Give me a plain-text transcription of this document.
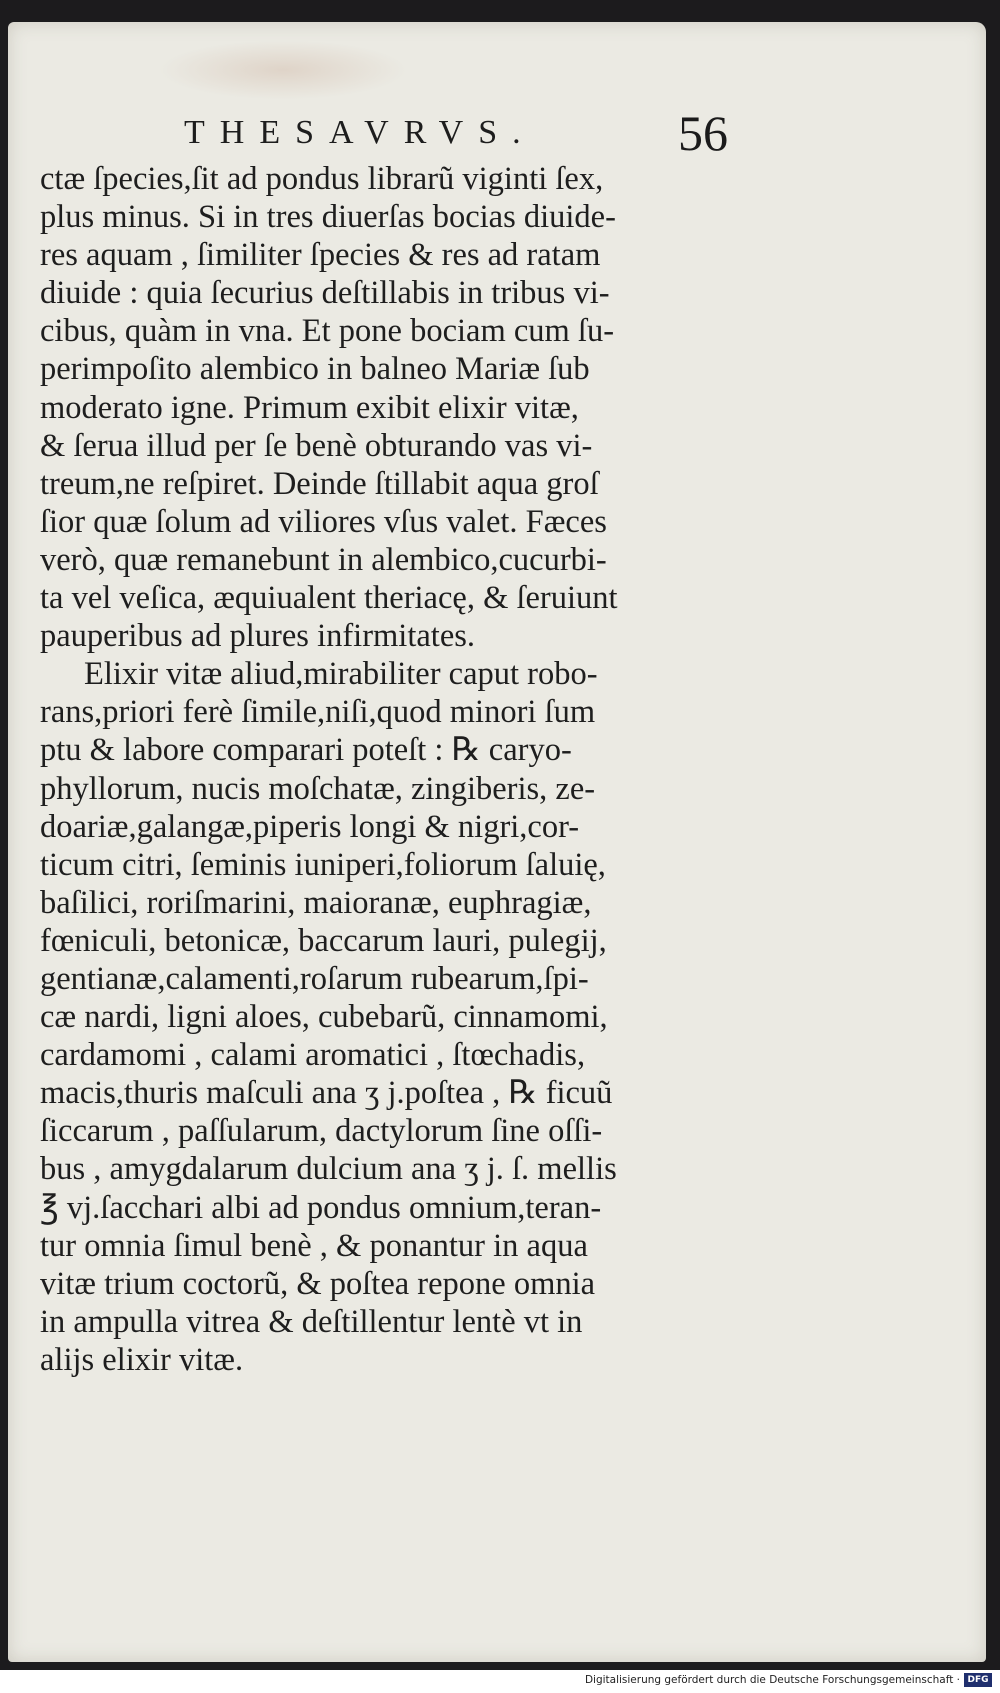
THESAVRVS.	56
ctæ ſpecies,ſit ad pondus librarũ viginti ſex,
plus minus. Si in tres diuerſas bocias diuide-
res aquam , ſimiliter ſpecies & res ad ratam
diuide : quia ſecurius deſtillabis in tribus vi-
cibus, quàm in vna. Et pone bociam cum ſu-
perimpoſito alembico in balneo Mariæ ſub
moderato igne. Primum exibit elixir vitæ,
& ſerua illud per ſe benè obturando vas vi-
treum,ne reſpiret. Deinde ſtillabit aqua groſ
ſior quæ ſolum ad viliores vſus valet. Fæces
verò, quæ remanebunt in alembico,cucurbi-
ta vel veſica, æquiualent theriacę, & ſeruiunt
pauperibus ad plures infirmitates.
Elixir vitæ aliud,mirabiliter caput robo-
rans,priori ferè ſimile,niſi,quod minori ſum
ptu & labore comparari poteſt : ℞ caryo-
phyllorum, nucis moſchatæ, zingiberis, ze-
doariæ,galangæ,piperis longi & nigri,cor-
ticum citri, ſeminis iuniperi,foliorum ſaluię,
baſilici, roriſmarini, maioranæ, euphragiæ,
fœniculi, betonicæ, baccarum lauri, pulegij,
gentianæ,calamenti,roſarum rubearum,ſpi-
cæ nardi, ligni aloes, cubebarũ, cinnamomi,
cardamomi , calami aromatici , ſtœchadis,
macis,thuris maſculi ana ʒ j.poſtea , ℞ ficuũ
ſiccarum , paſſularum, dactylorum ſine oſſi-
bus , amygdalarum dulcium ana ʒ j. ſ. mellis
℥ vj.ſacchari albi ad pondus omnium,teran-
tur omnia ſimul benè , & ponantur in aqua
vitæ trium coctorũ, & poſtea repone omnia
in ampulla vitrea & deſtillentur lentè vt in
alijs elixir vitæ.
Digitalisierung gefördert durch die Deutsche Forschungsgemeinschaft · DFG
